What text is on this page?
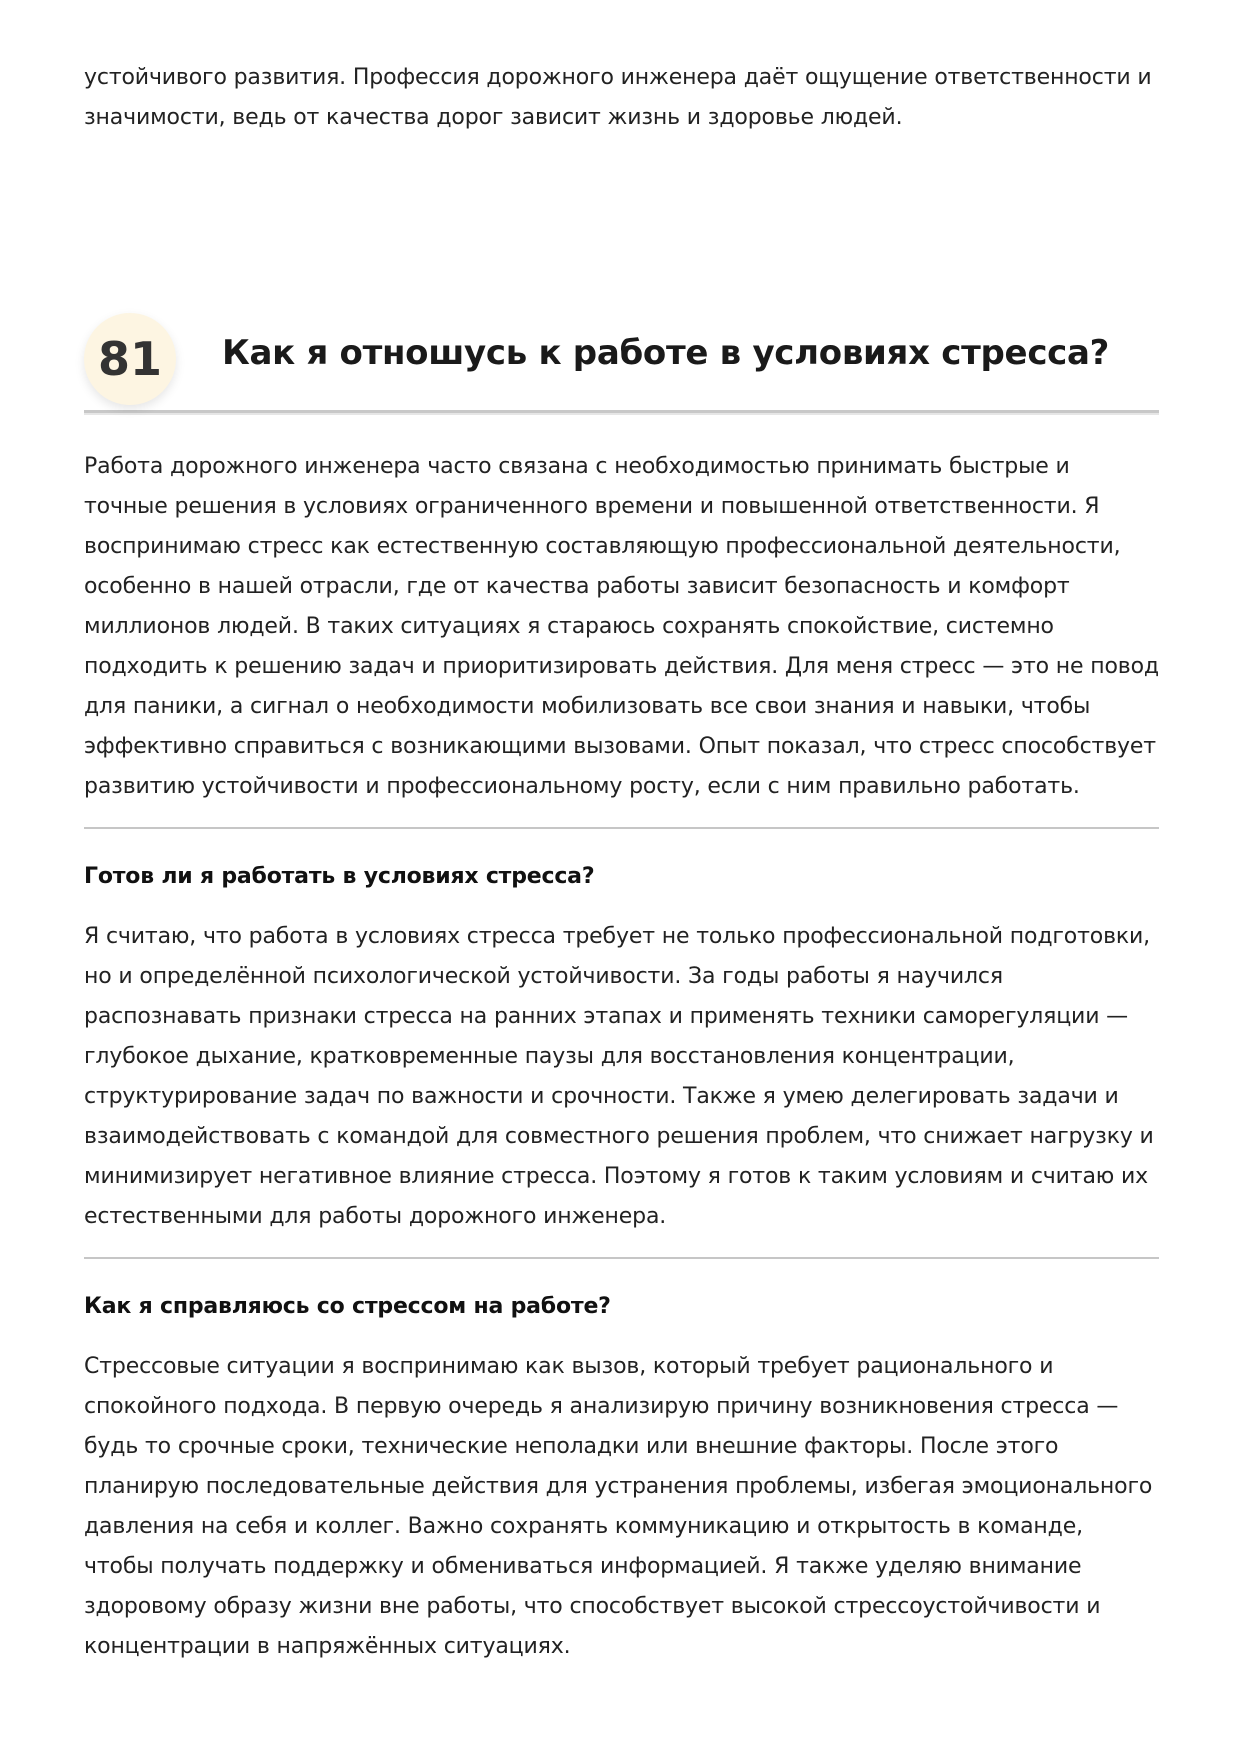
устойчивого развития. Профессия дорожного инженера даёт ощущение ответственности и значимости, ведь от качества дорог зависит жизнь и здоровье людей.

81	Как я отношусь к работе в условиях стресса?

Работа дорожного инженера часто связана с необходимостью принимать быстрые и точные решения в условиях ограниченного времени и повышенной ответственности. Я воспринимаю стресс как естественную составляющую профессиональной деятельности, особенно в нашей отрасли, где от качества работы зависит безопасность и комфорт миллионов людей. В таких ситуациях я стараюсь сохранять спокойствие, системно подходить к решению задач и приоритизировать действия. Для меня стресс — это не повод для паники, а сигнал о необходимости мобилизовать все свои знания и навыки, чтобы эффективно справиться с возникающими вызовами. Опыт показал, что стресс способствует развитию устойчивости и профессиональному росту, если с ним правильно работать.

Готов ли я работать в условиях стресса?

Я считаю, что работа в условиях стресса требует не только профессиональной подготовки, но и определённой психологической устойчивости. За годы работы я научился распознавать признаки стресса на ранних этапах и применять техники саморегуляции — глубокое дыхание, кратковременные паузы для восстановления концентрации, структурирование задач по важности и срочности. Также я умею делегировать задачи и взаимодействовать с командой для совместного решения проблем, что снижает нагрузку и минимизирует негативное влияние стресса. Поэтому я готов к таким условиям и считаю их естественными для работы дорожного инженера.

Как я справляюсь со стрессом на работе?

Стрессовые ситуации я воспринимаю как вызов, который требует рационального и спокойного подхода. В первую очередь я анализирую причину возникновения стресса — будь то срочные сроки, технические неполадки или внешние факторы. После этого планирую последовательные действия для устранения проблемы, избегая эмоционального давления на себя и коллег. Важно сохранять коммуникацию и открытость в команде, чтобы получать поддержку и обмениваться информацией. Я также уделяю внимание здоровому образу жизни вне работы, что способствует высокой стрессоустойчивости и концентрации в напряжённых ситуациях.
